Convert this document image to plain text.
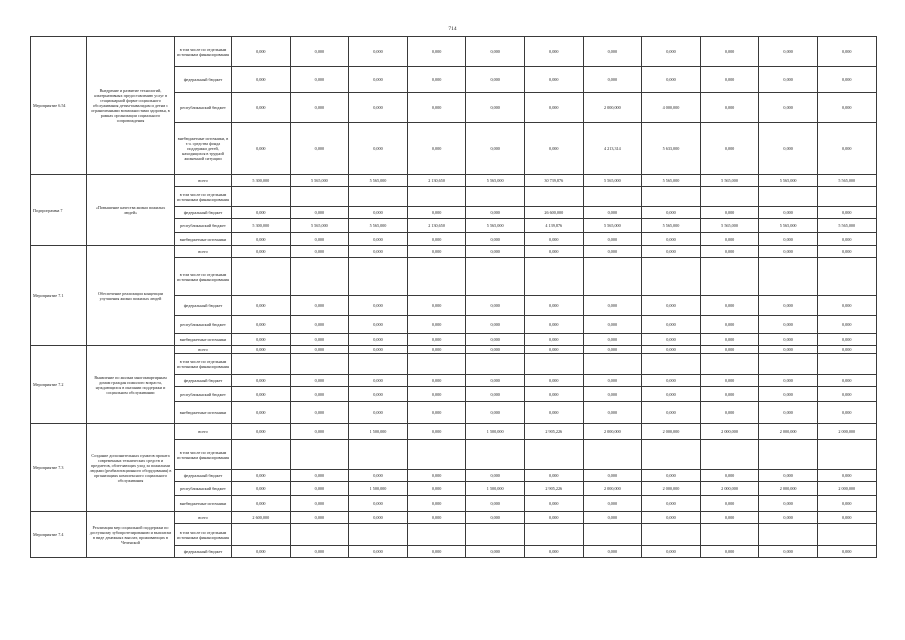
714
Мероприятие 6.54	Внедрение и развитие технологий, альтернативных предоставлению услуг в стационарной форме социального обслуживания детям-инвалидам и детям с ограниченными возможностями здоровья, в рамках организации социального сопровождения	в том числе по отдельным источникам финансирования	0,000	0,000	0,000	0,000	0,000	0,000	0,000	0,000	0,000	0,000	0,000
		федеральный бюджет	0,000	0,000	0,000	0,000	0,000	0,000	0,000	0,000	0,000	0,000	0,000
		республиканский бюджет	0,000	0,000	0,000	0,000	0,000	0,000	2 000,000	4 000,000	0,000	0,000	0,000
		внебюджетные источники, в т.ч. средства фонда поддержки детей, находящихся в трудной жизненной ситуации	0,000	0,000	0,000	0,000	0,000	0,000	4 213,314	5 633,000	0,000	0,000	0,000
Подпрограмма 7	«Повышение качества жизни пожилых людей»	всего	5 300,000	5 565,000	5 565,000	2 130,650	5 565,000	30 739,876	5 565,000	5 565,000	5 565,000	5 565,000	5 565,000
		в том числе по отдельным источникам финансирования											
		федеральный бюджет	0,000	0,000	0,000	0,000	0,000	26 600,000	0,000	0,000	0,000	0,000	0,000
		республиканский бюджет	5 300,000	5 565,000	5 565,000	2 130,650	5 565,000	4 139,876	5 565,000	5 565,000	5 565,000	5 565,000	5 565,000
		внебюджетные источники	0,000	0,000	0,000	0,000	0,000	0,000	0,000	0,000	0,000	0,000	0,000
Мероприятие 7.1	Обеспечение реализации концепции улучшения жизни пожилых людей	всего	0,000	0,000	0,000	0,000	0,000	0,000	0,000	0,000	0,000	0,000	0,000
		в том числе по отдельным источникам финансирования											
		федеральный бюджет	0,000	0,000	0,000	0,000	0,000	0,000	0,000	0,000	0,000	0,000	0,000
		республиканский бюджет	0,000	0,000	0,000	0,000	0,000	0,000	0,000	0,000	0,000	0,000	0,000
		внебюджетные источники	0,000	0,000	0,000	0,000	0,000	0,000	0,000	0,000	0,000	0,000	0,000
Мероприятие 7.2	Выявление по жилым многоквартирным домам граждан пожилого возраста, нуждающихся в оказании поддержки и социальном обслуживании	всего	0,000	0,000	0,000	0,000	0,000	0,000	0,000	0,000	0,000	0,000	0,000
		в том числе по отдельным источникам финансирования											
		федеральный бюджет	0,000	0,000	0,000	0,000	0,000	0,000	0,000	0,000	0,000	0,000	0,000
		республиканский бюджет	0,000	0,000	0,000	0,000	0,000	0,000	0,000	0,000	0,000	0,000	0,000
		внебюджетные источники	0,000	0,000	0,000	0,000	0,000	0,000	0,000	0,000	0,000	0,000	0,000
Мероприятие 7.3	Создание дополнительных пунктов проката современных технических средств и предметов, облегчающих уход за пожилыми людьми (реабилитационного оборудования) в организациях комплексного социального обслуживания	всего	0,000	0,000	1 500,000	0,000	1 500,000	2 905,226	2 000,000	2 000,000	2 000,000	2 000,000	2 000,000
		в том числе по отдельным источникам финансирования											
		федеральный бюджет	0,000	0,000	0,000	0,000	0,000	0,000	0,000	0,000	0,000	0,000	0,000
		республиканский бюджет	0,000	0,000	1 500,000	0,000	1 500,000	2 905,226	2 000,000	2 000,000	2 000,000	2 000,000	2 000,000
		внебюджетные источники	0,000	0,000	0,000	0,000	0,000	0,000	0,000	0,000	0,000	0,000	0,000
Мероприятие 7.4	Реализация мер социальной поддержки по доступному зубопротезированию и выплатам в виде денежных выплат, проживающих в Чеченской	всего	2 600,000	0,000	0,000	0,000	0,000	0,000	0,000	0,000	0,000	0,000	0,000
		в том числе по отдельным источникам финансирования											
		федеральный бюджет	0,000	0,000	0,000	0,000	0,000	0,000	0,000	0,000	0,000	0,000	0,000
